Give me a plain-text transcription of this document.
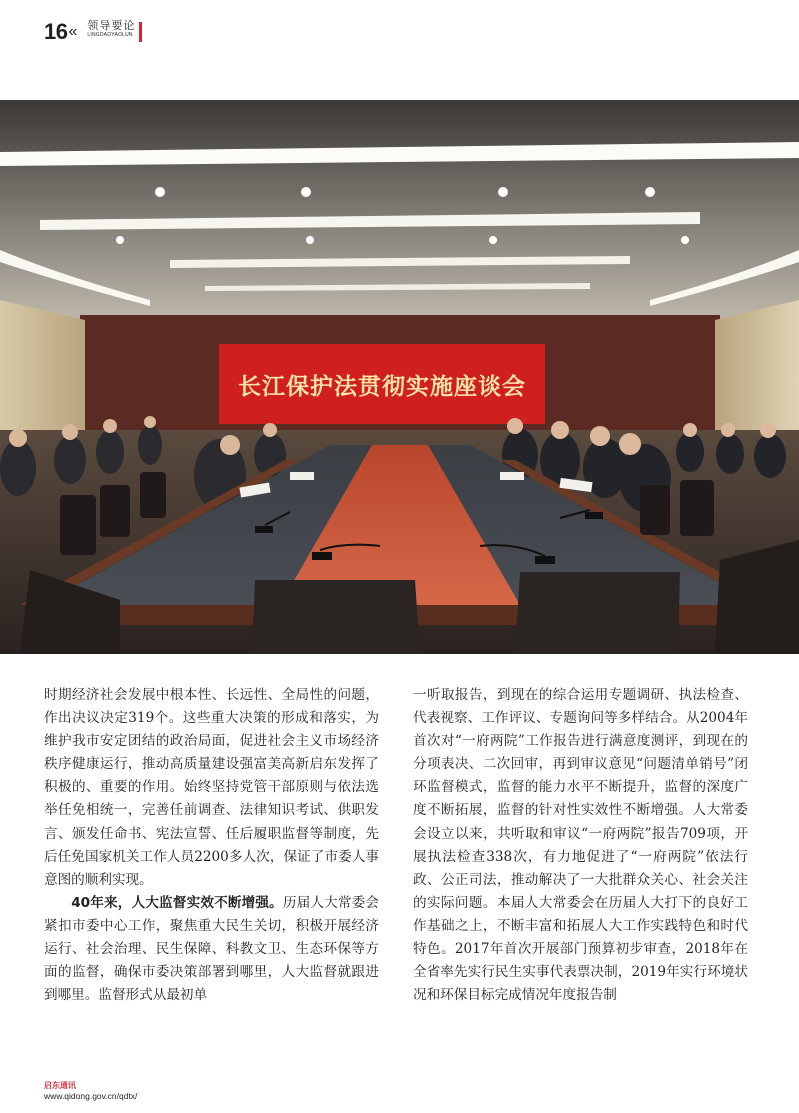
16 « 领导要论
LINGDAOYAOLUN
长江保护法贯彻实施座谈会

时期经济社会发展中根本性、长远性、全局性的问题，作出决议决定319个。这些重大决策的形成和落实，为维护我市安定团结的政治局面，促进社会主义市场经济秩序健康运行，推动高质量建设强富美高新启东发挥了积极的、重要的作用。始终坚持党管干部原则与依法选举任免相统一，完善任前调查、法律知识考试、供职发言、颁发任命书、宪法宣誓、任后履职监督等制度，先后任免国家机关工作人员2200多人次，保证了市委人事意图的顺利实现。

40年来，人大监督实效不断增强。历届人大常委会紧扣市委中心工作，聚焦重大民生关切，积极开展经济运行、社会治理、民生保障、科教文卫、生态环保等方面的监督，确保市委决策部署到哪里，人大监督就跟进到哪里。监督形式从最初单

一听取报告，到现在的综合运用专题调研、执法检查、代表视察、工作评议、专题询问等多样结合。从2004年首次对“一府两院”工作报告进行满意度测评，到现在的分项表决、二次回审，再到审议意见“问题清单销号”闭环监督模式，监督的能力水平不断提升，监督的深度广度不断拓展，监督的针对性实效性不断增强。人大常委会设立以来，共听取和审议“一府两院”报告709项，开展执法检查338次，有力地促进了“一府两院”依法行政、公正司法，推动解决了一大批群众关心、社会关注的实际问题。本届人大常委会在历届人大打下的良好工作基础之上，不断丰富和拓展人大工作实践特色和时代特色。2017年首次开展部门预算初步审查，2018年在全省率先实行民生实事代表票决制，2019年实行环境状况和环保目标完成情况年度报告制

启东通讯
www.qidong.gov.cn/qdtx/
